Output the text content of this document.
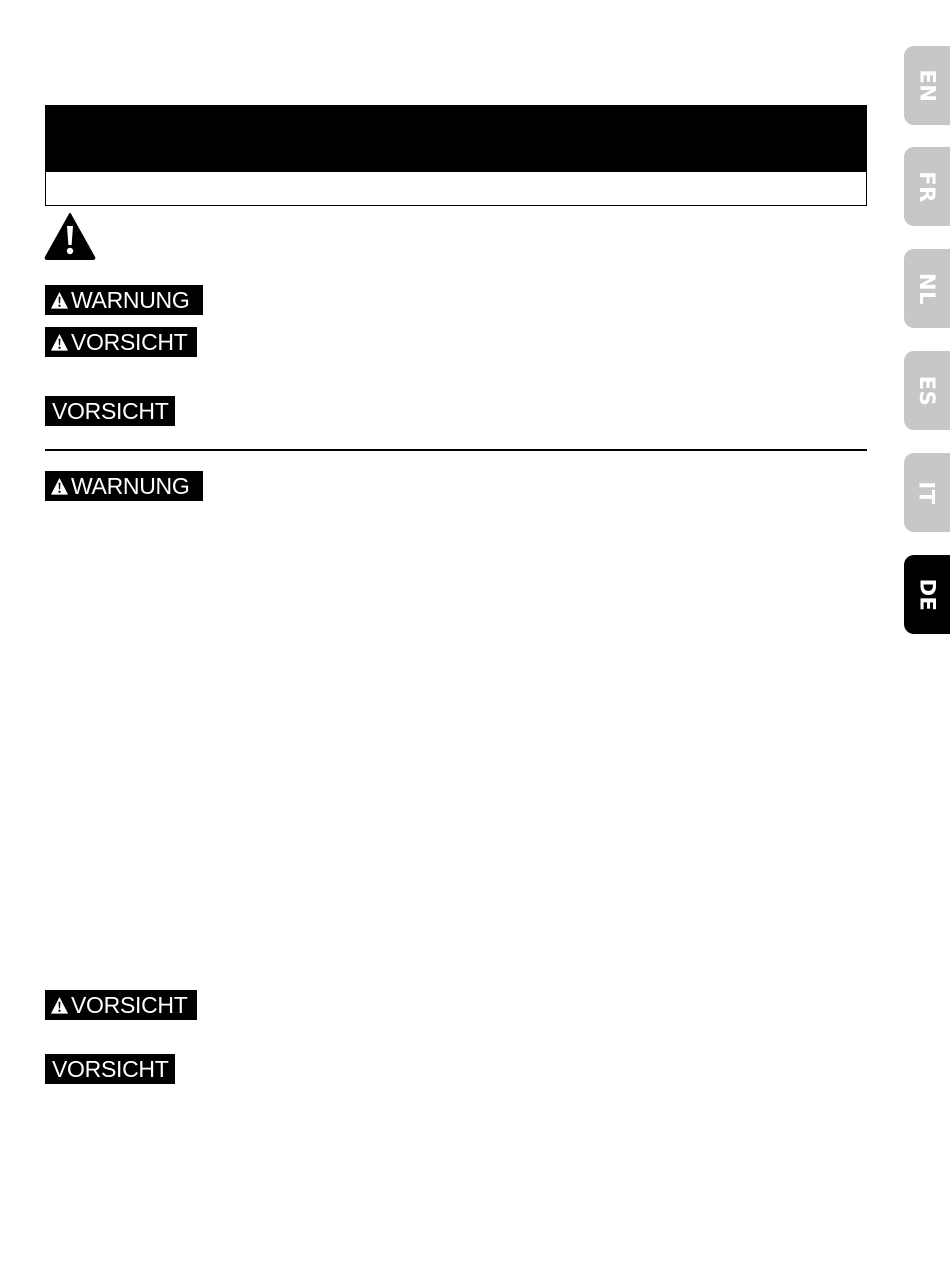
WARNUNG
VORSICHT
VORSICHT
WARNUNG
VORSICHT
VORSICHT
EN
FR
NL
ES
IT
DE
